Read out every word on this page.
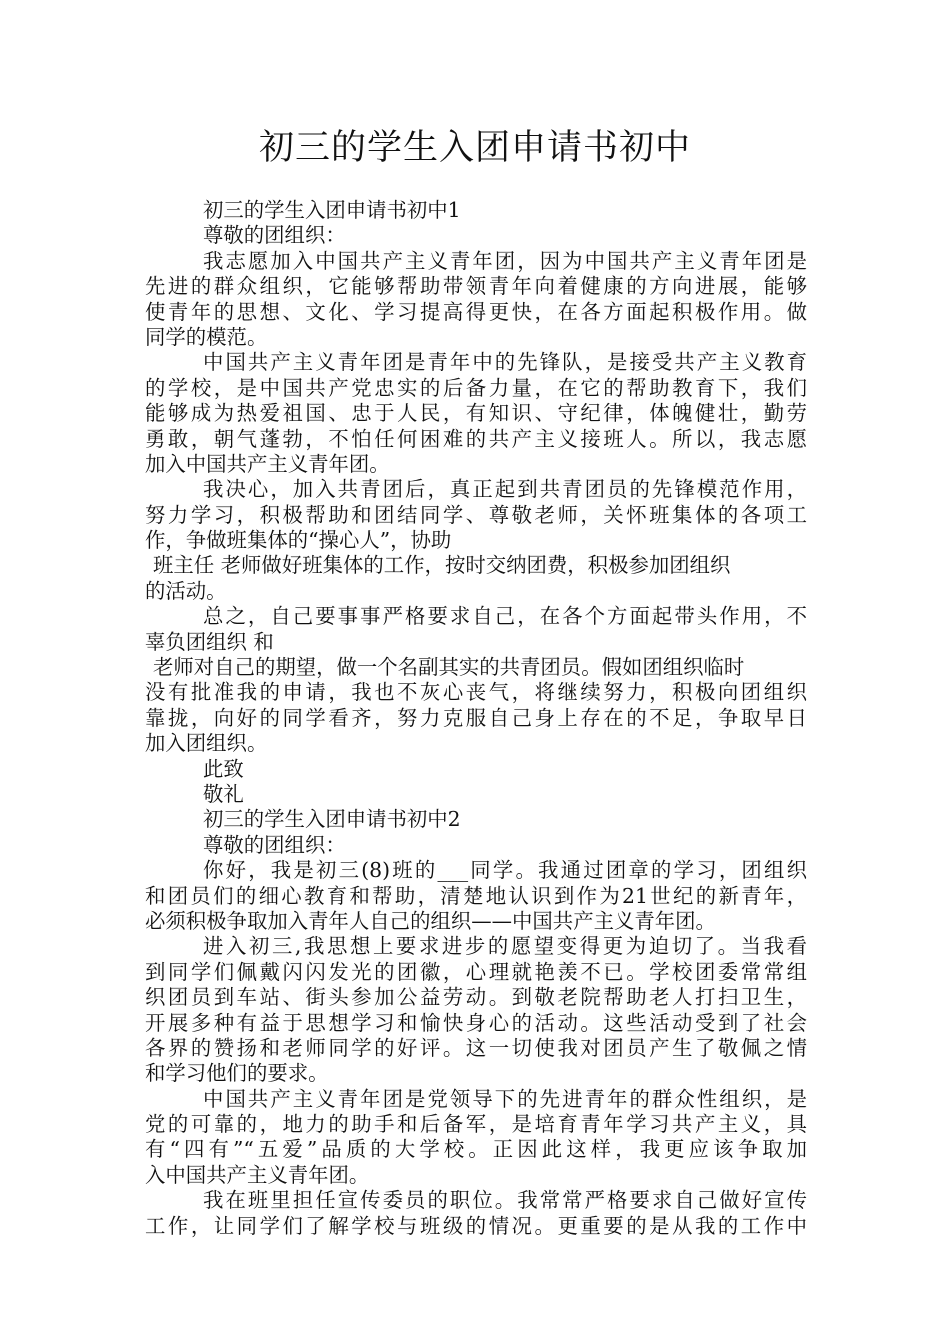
初三的学生入团申请书初中

初三的学生入团申请书初中1

尊敬的团组织：

我志愿加入中国共产主义青年团，因为中国共产主义青年团是

先进的群众组织，它能够帮助带领青年向着健康的方向进展，能够

使青年的思想、文化、学习提高得更快，在各方面起积极作用。做

同学的模范。

中国共产主义青年团是青年中的先锋队，是接受共产主义教育

的学校，是中国共产党忠实的后备力量，在它的帮助教育下，我们

能够成为热爱祖国、忠于人民，有知识、守纪律，体魄健壮，勤劳

勇敢，朝气蓬勃，不怕任何困难的共产主义接班人。所以，我志愿

加入中国共产主义青年团。

我决心，加入共青团后，真正起到共青团员的先锋模范作用，

努力学习，积极帮助和团结同学、尊敬老师，关怀班集体的各项工

作，争做班集体的“操心人”，协助

班主任 老师做好班集体的工作，按时交纳团费，积极参加团组织

的活动。

总之，自己要事事严格要求自己，在各个方面起带头作用，不

辜负团组织 和

老师对自己的期望，做一个名副其实的共青团员。假如团组织临时

没有批准我的申请，我也不灰心丧气，将继续努力，积极向团组织

靠拢，向好的同学看齐，努力克服自己身上存在的不足，争取早日

加入团组织。

此致

敬礼

初三的学生入团申请书初中2

尊敬的团组织：

你好，我是初三(8)班的___同学。我通过团章的学习，团组织

和团员们的细心教育和帮助，清楚地认识到作为21世纪的新青年，

必须积极争取加入青年人自己的组织——中国共产主义青年团。

进入初三,我思想上要求进步的愿望变得更为迫切了。当我看

到同学们佩戴闪闪发光的团徽，心理就艳羡不已。学校团委常常组

织团员到车站、街头参加公益劳动。到敬老院帮助老人打扫卫生，

开展多种有益于思想学习和愉快身心的活动。这些活动受到了社会

各界的赞扬和老师同学的好评。这一切使我对团员产生了敬佩之情

和学习他们的要求。

中国共产主义青年团是党领导下的先进青年的群众性组织，是

党的可靠的，地力的助手和后备军，是培育青年学习共产主义，具

有“四有”“五爱”品质的大学校。正因此这样，我更应该争取加

入中国共产主义青年团。

我在班里担任宣传委员的职位。我常常严格要求自己做好宣传

工作，让同学们了解学校与班级的情况。更重要的是从我的工作中
